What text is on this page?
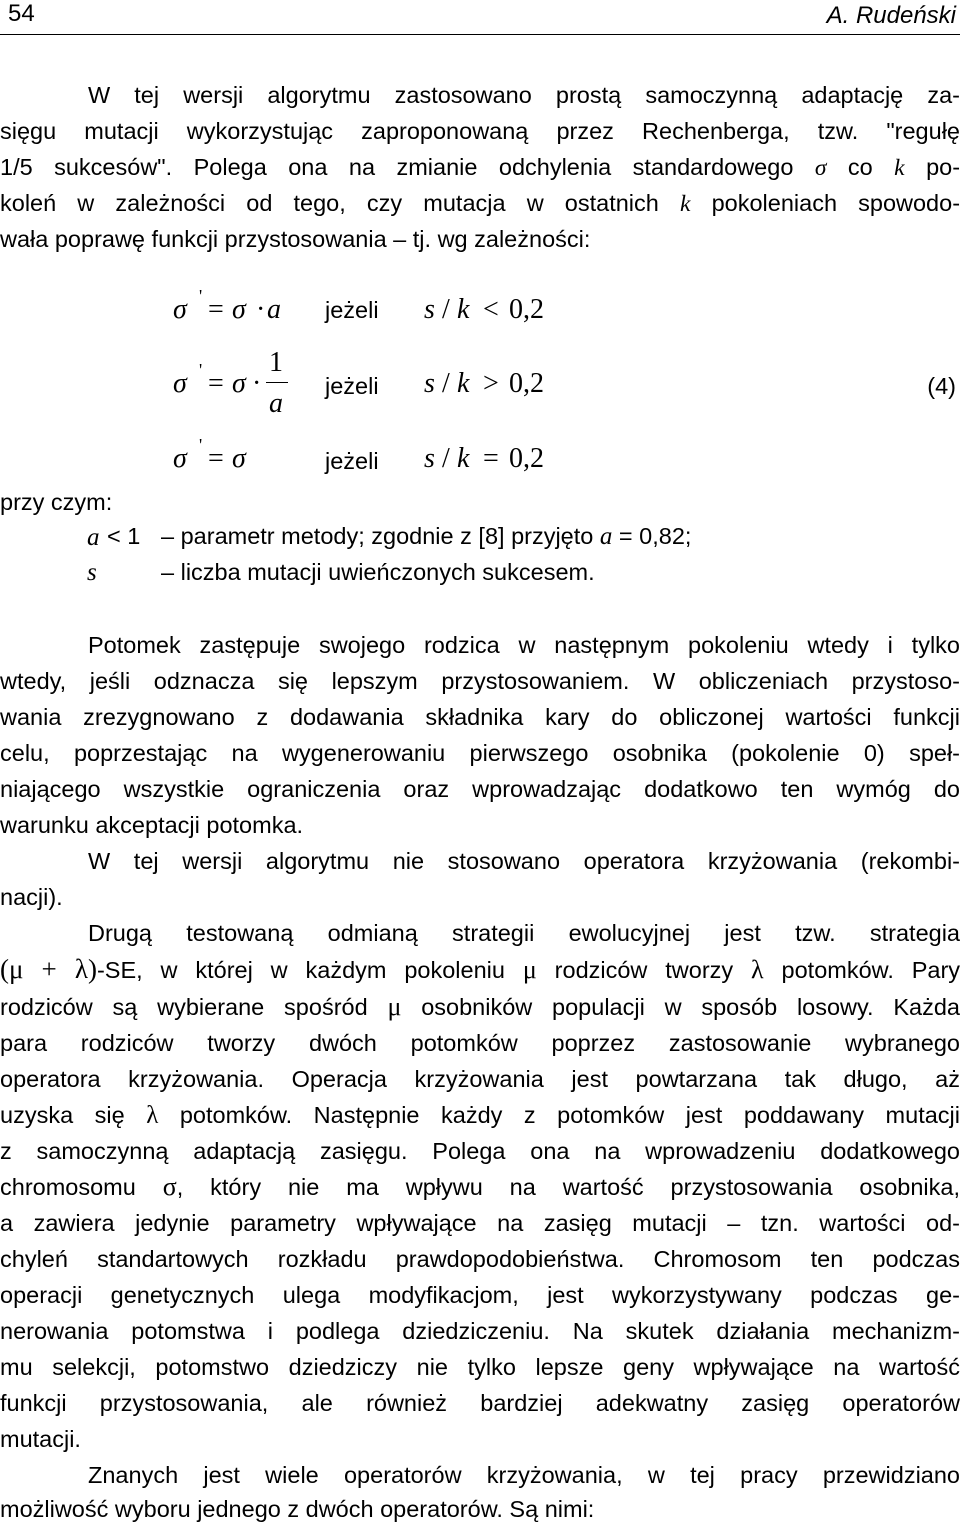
54	A. Rudeński
W tej wersji algorytmu zastosowano prostą samoczynną adaptację za-
sięgu mutacji wykorzystując zaproponowaną przez Rechenberga, tzw. "regułę
1/5 sukcesów". Polega ona na zmianie odchylenia standardowego σ co k po-
koleń w zależności od tego, czy mutacja w ostatnich k pokoleniach spowodo-
wała poprawę funkcji przystosowania – tj. wg zależności:
σ ' = σ · a jeżeli s / k < 0,2
σ ' = σ ·
1
a
jeżeli s / k > 0,2	(4)
σ ' = σ	jeżeli s / k = 0,2
przy czym:
a < 1 – parametr metody; zgodnie z [8] przyjęto a = 0,82;
s	– liczba mutacji uwieńczonych sukcesem.
Potomek zastępuje swojego rodzica w następnym pokoleniu wtedy i tylko
wtedy, jeśli odznacza się lepszym przystosowaniem. W obliczeniach przystoso-
wania zrezygnowano z dodawania składnika kary do obliczonej wartości funkcji
celu, poprzestając na wygenerowaniu pierwszego osobnika (pokolenie 0) speł-
niającego wszystkie ograniczenia oraz wprowadzając dodatkowo ten wymóg do
warunku akceptacji potomka.
W tej wersji algorytmu nie stosowano operatora krzyżowania (rekombi-
nacji).
Drugą testowaną odmianą strategii ewolucyjnej jest tzw. strategia
(μ + λ)-SE, w której w każdym pokoleniu μ rodziców tworzy λ potomków. Pary
rodziców są wybierane spośród μ osobników populacji w sposób losowy. Każda
para rodziców tworzy dwóch potomków poprzez zastosowanie wybranego
operatora krzyżowania. Operacja krzyżowania jest powtarzana tak długo, aż
uzyska się λ potomków. Następnie każdy z potomków jest poddawany mutacji
z samoczynną adaptacją zasięgu. Polega ona na wprowadzeniu dodatkowego
chromosomu σ, który nie ma wpływu na wartość przystosowania osobnika,
a zawiera jedynie parametry wpływające na zasięg mutacji – tzn. wartości od-
chyleń standartowych rozkładu prawdopodobieństwa. Chromosom ten podczas
operacji genetycznych ulega modyfikacjom, jest wykorzystywany podczas ge-
nerowania potomstwa i podlega dziedziczeniu. Na skutek działania mechanizm-
mu selekcji, potomstwo dziedziczy nie tylko lepsze geny wpływające na wartość
funkcji przystosowania, ale również bardziej adekwatny zasięg operatorów
mutacji.
Znanych jest wiele operatorów krzyżowania, w tej pracy przewidziano
możliwość wyboru jednego z dwóch operatorów. Są nimi:
